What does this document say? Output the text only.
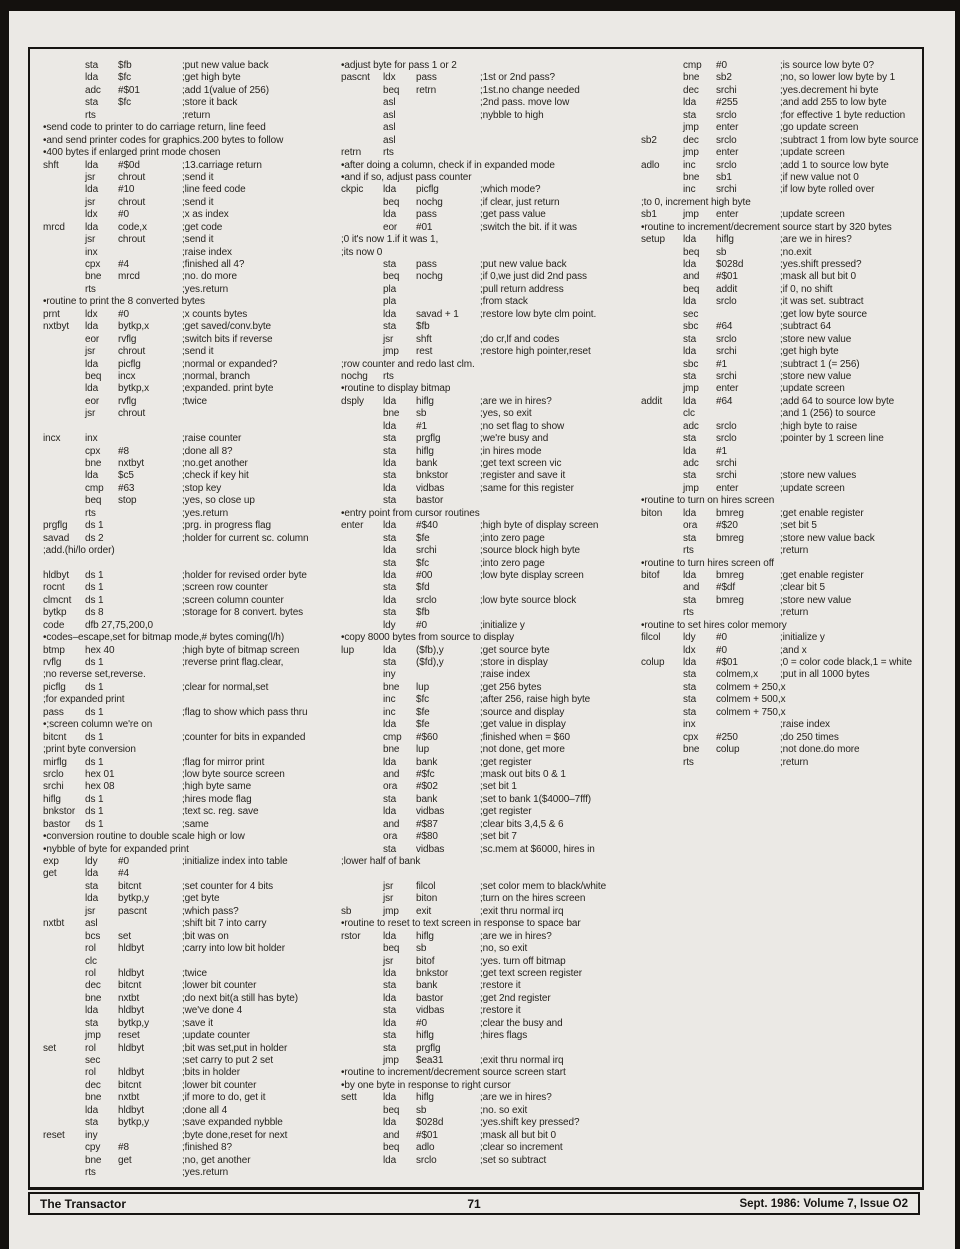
sta	$fb	;put new value back
lda	$fc	;get high byte
adc	#$01	;add 1(value of 256)
sta	$fc	;store it back
rts	;return
•send code to printer to do carriage return, line feed
•and send printer codes for graphics.200 bytes to follow
•400 bytes if enlarged print mode chosen
shft	lda	#$0d	;13.carriage return
jsr	chrout	;send it
lda	#10	;line feed code
jsr	chrout	;send it
ldx	#0	;x as index
mrcd	lda	code,x	;get code
jsr	chrout	;send it
inx	;raise index
cpx	#4	;finished all 4?
bne	mrcd	;no. do more
rts	;yes.return
•routine to print the 8 converted bytes
prnt	ldx	#0	;x counts bytes
nxtbyt	lda	bytkp,x	;get saved/conv.byte
eor	rvflg	;switch bits if reverse
jsr	chrout	;send it
lda	picflg	;normal or expanded?
beq	incx	;normal, branch
lda	bytkp,x	;expanded. print byte
eor	rvflg	;twice
jsr	chrout

incx	inx	;raise counter
cpx	#8	;done all 8?
bne	nxtbyt	;no.get another
lda	$c5	;check if key hit
cmp	#63	;stop key
beq	stop	;yes, so close up
rts	;yes.return
prgflg	ds 1	;prg. in progress flag
savad	ds 2	;holder for current sc. column
;add.(hi/lo order)

hldbyt	ds 1	;holder for revised order byte
rocnt	ds 1	;screen row counter
clmcnt	ds 1	;screen column counter
bytkp	ds 8	;storage for 8 convert. bytes
code	dfb 27,75,200,0
•codes–escape,set for bitmap mode,# bytes coming(l/h)
btmp	hex 40	;high byte of bitmap screen
rvflg	ds 1	;reverse print flag.clear,
;no reverse set,reverse.
picflg	ds 1	;clear for normal,set
;for expanded print
pass	ds 1	;flag to show which pass thru
•;screen column we're on
bitcnt	ds 1	;counter for bits in expanded
;print byte conversion
mirflg	ds 1	;flag for mirror print
srclo	hex 01	;low byte source screen
srchi	hex 08	;high byte same
hiflg	ds 1	;hires mode flag
bnkstor ds 1	;text sc. reg. save
bastor	ds 1	;same
•conversion routine to double scale high or low
•nybble of byte for expanded print
exp	ldy	#0	;initialize index into table
get	lda	#4
sta	bitcnt	;set counter for 4 bits
lda	bytkp,y	;get byte
jsr	pascnt	;which pass?
nxtbt	asl	;shift bit 7 into carry
bcs	set	;bit was on
rol	hldbyt	;carry into low bit holder
clc
rol	hldbyt	;twice
dec	bitcnt	;lower bit counter
bne	nxtbt	;do next bit(a still has byte)
lda	hldbyt	;we've done 4
sta	bytkp,y	;save it
jmp	reset	;update counter
set	rol	hldbyt	;bit was set,put in holder
sec	;set carry to put 2 set
rol	hldbyt	;bits in holder
dec	bitcnt	;lower bit counter
bne	nxtbt	;if more to do, get it
lda	hldbyt	;done all 4
sta	bytkp,y	;save expanded nybble
reset	iny	;byte done,reset for next
cpy	#8	;finished 8?
bne	get	;no, get another
rts	;yes.return
•adjust byte for pass 1 or 2
pascnt	ldx	pass	;1st or 2nd pass?
beq	retrn	;1st.no change needed
asl	;2nd pass. move low
asl	;nybble to high
asl
asl
retrn	rts
•after doing a column, check if in expanded mode
•and if so, adjust pass counter
ckpic	lda	picflg	;which mode?
beq	nochg	;if clear, just return
lda	pass	;get pass value
eor	#01	;switch the bit. if it was
;0 it's now 1.if it was 1,
;its now 0
sta	pass	;put new value back
beq	nochg	;if 0,we just did 2nd pass
pla	;pull return address
pla	;from stack
lda	savad + 1	;restore low byte clm point.
sta	$fb
jsr	shft	;do cr,lf and codes
jmp	rest	;restore high pointer,reset
;row counter and redo last clm.
nochg	rts
•routine to display bitmap
dsply	lda	hiflg	;are we in hires?
bne	sb	;yes, so exit
lda	#1	;no set flag to show
sta	prgflg	;we're busy and
sta	hiflg	;in hires mode
lda	bank	;get text screen vic
sta	bnkstor	;register and save it
lda	vidbas	;same for this register
sta	bastor
•entry point from cursor routines
enter	lda	#$40	;high byte of display screen
sta	$fe	;into zero page
lda	srchi	;source block high byte
sta	$fc	;into zero page
lda	#00	;low byte display screen
sta	$fd
lda	srclo	;low byte source block
sta	$fb
ldy	#0	;initialize y
•copy 8000 bytes from source to display
lup	lda	($fb),y	;get source byte
sta	($fd),y	;store in display
iny	;raise index
bne	lup	;get 256 bytes
inc	$fc	;after 256, raise high byte
inc	$fe	;source and display
lda	$fe	;get value in display
cmp	#$60	;finished when = $60
bne	lup	;not done, get more
lda	bank	;get register
and	#$fc	;mask out bits 0 & 1
ora	#$02	;set bit 1
sta	bank	;set to bank 1($4000–7fff)
lda	vidbas	;get register
and	#$87	;clear bits 3,4,5 & 6
ora	#$80	;set bit 7
sta	vidbas	;sc.mem at $6000, hires in
;lower half of bank

jsr	filcol	;set color mem to black/white
jsr	biton	;turn on the hires screen
sb	jmp	exit	;exit thru normal irq
•routine to reset to text screen in response to space bar
rstor	lda	hiflg	;are we in hires?
beq	sb	;no, so exit
jsr	bitof	;yes. turn off bitmap
lda	bnkstor	;get text screen register
sta	bank	;restore it
lda	bastor	;get 2nd register
sta	vidbas	;restore it
lda	#0	;clear the busy and
sta	hiflg	;hires flags
sta	prgflg
jmp	$ea31	;exit thru normal irq
•routine to increment/decrement source screen start
•by one byte in response to right cursor
sett	lda	hiflg	;are we in hires?
beq	sb	;no. so exit
lda	$028d	;yes.shift key pressed?
and	#$01	;mask all but bit 0
beq	adlo	;clear so increment
lda	srclo	;set so subtract
cmp	#0	;is source low byte 0?
bne	sb2	;no, so lower low byte by 1
dec	srchi	;yes.decrement hi byte
lda	#255	;and add 255 to low byte
sta	srclo	;for effective 1 byte reduction
jmp	enter	;go update screen
sb2	dec	srclo	;subtract 1 from low byte source
jmp	enter	;update screen
adlo	inc	srclo	;add 1 to source low byte
bne	sb1	;if new value not 0
inc	srchi	;if low byte rolled over
;to 0, increment high byte
sb1	jmp	enter	;update screen
•routine to increment/decrement source start by 320 bytes
setup	lda	hiflg	;are we in hires?
beq	sb	;no.exit
lda	$028d	;yes.shift pressed?
and	#$01	;mask all but bit 0
beq	addit	;if 0, no shift
lda	srclo	;it was set. subtract
sec	;get low byte source
sbc	#64	;subtract 64
sta	srclo	;store new value
lda	srchi	;get high byte
sbc	#1	;subtract 1 (= 256)
sta	srchi	;store new value
jmp	enter	;update screen
addit	lda	#64	;add 64 to source low byte
clc	;and 1 (256) to source
adc	srclo	;high byte to raise
sta	srclo	;pointer by 1 screen line
lda	#1
adc	srchi
sta	srchi	;store new values
jmp	enter	;update screen
•routine to turn on hires screen
biton	lda	bmreg	;get enable register
ora	#$20	;set bit 5
sta	bmreg	;store new value back
rts	;return
•routine to turn hires screen off
bitof	lda	bmreg	;get enable register
and	#$df	;clear bit 5
sta	bmreg	;store new value
rts	;return
•routine to set hires color memory
filcol	ldy	#0	;initialize y
ldx	#0	;and x
colup	lda	#$01	;0 = color code black,1 = white
sta	colmem,x	;put in all 1000 bytes
sta	colmem + 250,x
sta	colmem + 500,x
sta	colmem + 750,x
inx	;raise index
cpx	#250	;do 250 times
bne	colup	;not done.do more
rts	;return
The Transactor	71	Sept. 1986: Volume 7, Issue O2
